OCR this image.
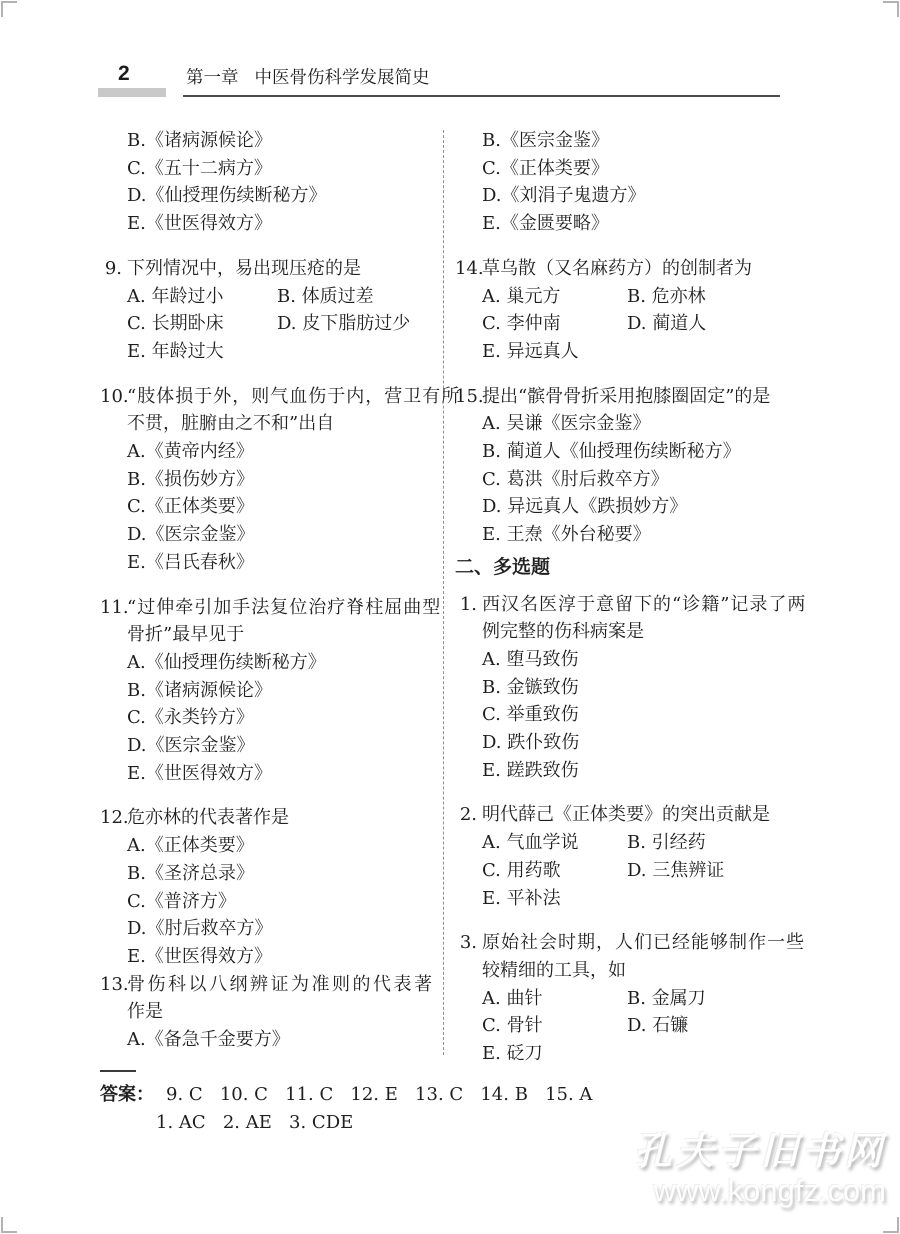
2	第一章 中医骨伤科学发展简史
B.《诸病源候论》
C.《五十二病方》
D.《仙授理伤续断秘方》
E.《世医得效方》
9. 下列情况中，易出现压疮的是
A. 年龄过小	B. 体质过差
C. 长期卧床	D. 皮下脂肪过少
E. 年龄过大
10.
“肢体损于外，则气血伤于内，营卫有所
不贯，脏腑由之不和”出自
A.《黄帝内经》
B.《损伤妙方》
C.《正体类要》
D.《医宗金鉴》
E.《吕氏春秋》
11.
“过伸牵引加手法复位治疗脊柱屈曲型
骨折”最早见于
A.《仙授理伤续断秘方》
B.《诸病源候论》
C.《永类钤方》
D.《医宗金鉴》
E.《世医得效方》
12.
危亦林的代表著作是
A.《正体类要》
B.《圣济总录》
C.《普济方》
D.《肘后救卒方》
E.《世医得效方》
13.
骨伤科以八纲辨证为准则的代表著
作是
A.《备急千金要方》
B.《医宗金鉴》
C.《正体类要》
D.《刘涓子鬼遗方》
E.《金匮要略》
14.
草乌散（又名麻药方）的创制者为
A. 巢元方	B. 危亦林
C. 李仲南	D. 蔺道人
E. 异远真人
15.
提出“髌骨骨折采用抱膝圈固定”的是
A. 吴谦《医宗金鉴》
B. 蔺道人《仙授理伤续断秘方》
C. 葛洪《肘后救卒方》
D. 异远真人《跌损妙方》
E. 王焘《外台秘要》
二、多选题
1. 西汉名医淳于意留下的“诊籍”记录了两
例完整的伤科病案是
A. 堕马致伤
B. 金镞致伤
C. 举重致伤
D. 跌仆致伤
E. 蹉跌致伤
2. 明代薛己《正体类要》的突出贡献是
A. 气血学说	B. 引经药
C. 用药歌	D. 三焦辨证
E. 平补法
3. 原始社会时期，人们已经能够制作一些
较精细的工具，如
A. 曲针	B. 金属刀
C. 骨针	D. 石镰
E. 砭刀
答案： 9. C   10. C   11. C   12. E   13. C   14. B   15. A
1. AC   2. AE   3. CDE
孔夫子旧书网
www.kongfz.com
